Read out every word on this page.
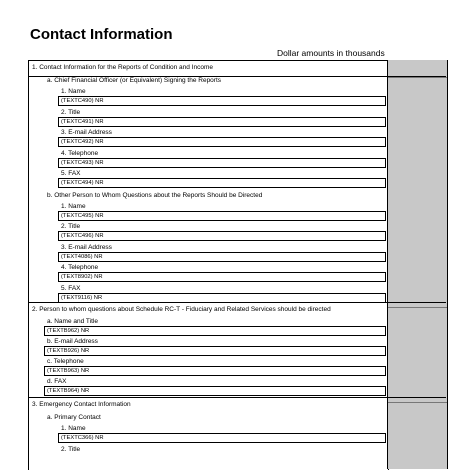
Contact Information
Dollar amounts in thousands
1. Contact Information for the Reports of Condition and Income
a. Chief Financial Officer (or Equivalent) Signing the Reports
1. Name
(TEXTC490) NR
2. Title
(TEXTC491) NR
3. E-mail Address
(TEXTC492) NR
4. Telephone
(TEXTC493) NR
5. FAX
(TEXTC494) NR
b. Other Person to Whom Questions about the Reports Should be Directed
1. Name
(TEXTC495) NR
2. Title
(TEXTC496) NR
3. E-mail Address
(TEXT4086) NR
4. Telephone
(TEXT8902) NR
5. FAX
(TEXT9116) NR
2. Person to whom questions about Schedule RC-T - Fiduciary and Related Services should be directed
a. Name and Title
(TEXTB962) NR
b. E-mail Address
(TEXTB926) NR
c. Telephone
(TEXTB963) NR
d. FAX
(TEXTB964) NR
3. Emergency Contact Information
a. Primary Contact
1. Name
(TEXTC366) NR
2. Title
